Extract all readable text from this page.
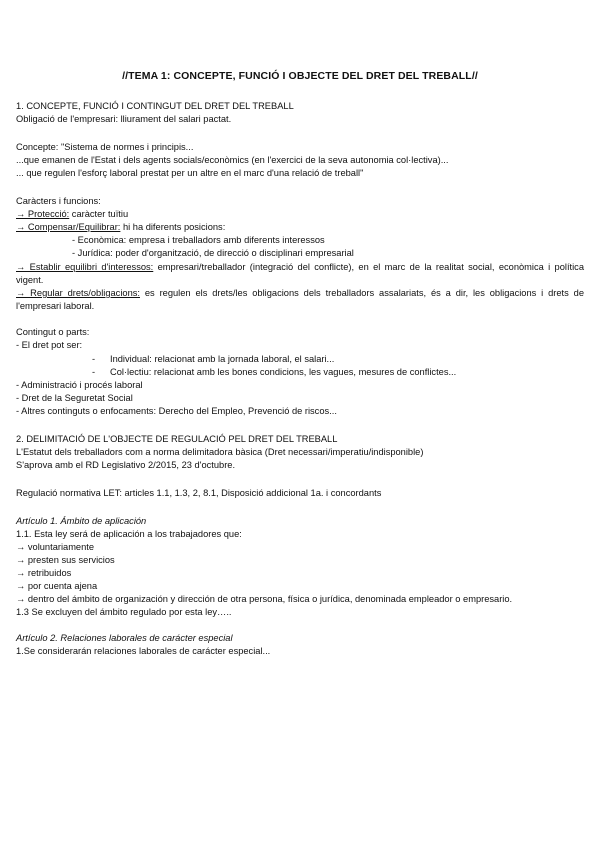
//TEMA 1: CONCEPTE, FUNCIÓ I OBJECTE DEL DRET DEL TREBALL//
1. CONCEPTE, FUNCIÓ I CONTINGUT DEL DRET DEL TREBALL
Obligació de l'empresari: lliurament del salari pactat.
Concepte: "Sistema de normes i principis...
...que emanen de l'Estat i dels agents socials/econòmics (en l'exercici de la seva autonomia col·lectiva)...
... que regulen l'esforç laboral prestat per un altre en el marc d'una relació de treball"
Caràcters i funcions:
→ Protecció: caràcter tuïtiu
→ Compensar/Equilibrar: hi ha diferents posicions:
- Econòmica: empresa i treballadors amb diferents interessos
- Jurídica: poder d'organització, de direcció o disciplinari empresarial
→ Establir equilibri d'interessos: empresari/treballador (integració del conflicte), en el marc de la realitat social, econòmica i política vigent.
→ Regular drets/obligacions: es regulen els drets/les obligacions dels treballadors assalariats, és a dir, les obligacions i drets de l'empresari laboral.
Contingut o parts:
- El dret pot ser:
- Individual: relacionat amb la jornada laboral, el salari...
- Col·lectiu: relacionat amb les bones condicions, les vagues, mesures de conflictes...
- Administració i procés laboral
- Dret de la Seguretat Social
- Altres continguts o enfocaments: Derecho del Empleo, Prevenció de riscos...
2. DELIMITACIÓ DE L'OBJECTE DE REGULACIÓ PEL DRET DEL TREBALL
L'Estatut dels treballadors com a norma delimitadora bàsica (Dret necessari/imperatiu/indisponible)
S'aprova amb el RD Legislativo 2/2015, 23 d'octubre.
Regulació normativa LET: articles 1.1, 1.3, 2, 8.1, Disposició addicional 1a. i concordants
Artículo 1. Ámbito de aplicación
1.1. Esta ley será de aplicación a los trabajadores que:
→ voluntariamente
→ presten sus servicios
→ retribuidos
→ por cuenta ajena
→ dentro del ámbito de organización y dirección de otra persona, física o jurídica, denominada empleador o empresario.
1.3 Se excluyen del ámbito regulado por esta ley…..
Artículo 2. Relaciones laborales de carácter especial
1.Se considerarán relaciones laborales de carácter especial...
